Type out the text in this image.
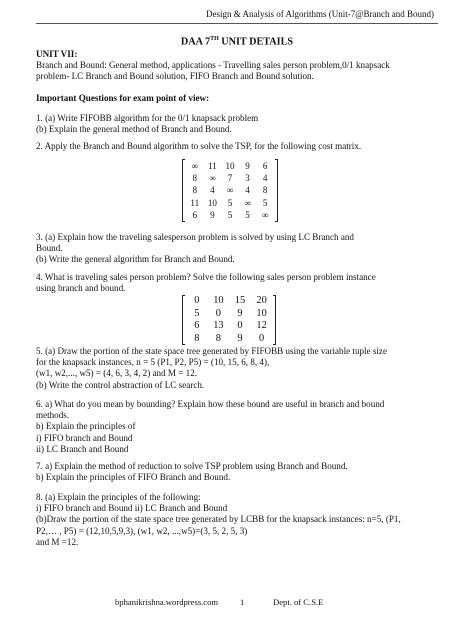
Design & Analysis of Algorithms (Unit-7@Branch and Bound)
DAA 7TH UNIT DETAILS
UNIT VII:
Branch and Bound: General method, applications - Travelling sales person problem,0/1 knapsack
problem- LC Branch and Bound solution, FIFO Branch and Bound solution.
Important Questions for exam point of view:
1. (a) Write FIFOBB algorithm for the 0/1 knapsack problem
(b) Explain the general method of Branch and Bound.
2. Apply the Branch and Bound algorithm to solve the TSP, for the following cost matrix.
∞	11 10	9	6
8	∞	7	3	4
8	4	∞	4	8
11 10	5	∞	5
6	9	5	5	∞
3. (a) Explain how the traveling salesperson problem is solved by using LC Branch and
Bound.
(b) Write the general algorithm for Branch and Bound.
4. What is traveling sales person problem? Solve the following sales person problem instance
using branch and bound.
0	10	15	20
5	0	9	10
6	13	0	12
8	8	9	0
5. (a) Draw the portion of the state space tree generated by FIFOBB using the variable tuple size
for the knapsack instances, n = 5 (P1, P2, P5) = (10, 15, 6, 8, 4),
(w1, w2,..., w5) = (4, 6, 3, 4, 2) and M = 12.
(b) Write the control abstraction of LC search.
6. a) What do you mean by bounding? Explain how these bound are useful in branch and bound
methods.
b) Explain the principles of
i) FIFO branch and Bound
ii) LC Branch and Bound
7. a) Explain the method of reduction to solve TSP problem using Branch and Bound.
b) Explain the principles of FIFO Branch and Bound.
8. (a) Explain the principles of the following:
i) FIFO branch and Bound ii) LC Branch and Bound
(b)Draw the portion of the state space tree generated by LCBB for the knapsack instances: n=5, (P1,
P2,… , P5) = (12,10,5,9,3), (w1, w2, ...,w5)=(3, 5, 2, 5, 3)
and M =12.
bphanikrishna.wordpress.com	1	Dept. of C.S.E
